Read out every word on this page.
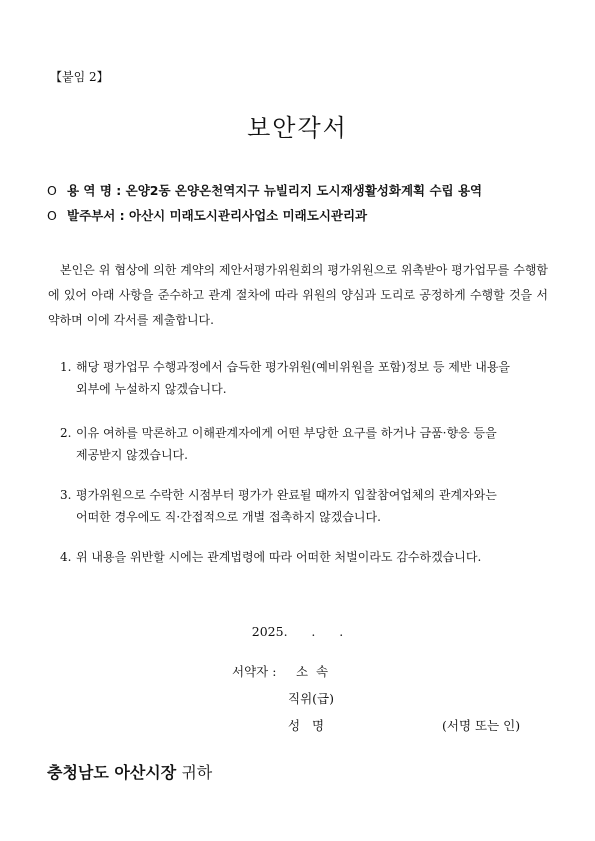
【붙임 2】
보안각서
O 용 역 명 : 온양2동 온양온천역지구 뉴빌리지 도시재생활성화계획 수립 용역
O 발주부서 : 아산시 미래도시관리사업소 미래도시관리과
본인은 위 협상에 의한 계약의 제안서평가위원회의 평가위원으로 위촉받아 평가업무를 수행함에 있어 아래 사항을 준수하고 관계 절차에 따라 위원의 양심과 도리로 공정하게 수행할 것을 서약하며 이에 각서를 제출합니다.
1. 해당 평가업무 수행과정에서 습득한 평가위원(예비위원을 포함)정보 등 제반 내용을
외부에 누설하지 않겠습니다.
2. 이유 여하를 막론하고 이해관계자에게 어떤 부당한 요구를 하거나 금품·향응 등을
제공받지 않겠습니다.
3. 평가위원으로 수락한 시점부터 평가가 완료될 때까지 입찰참여업체의 관계자와는
어떠한 경우에도 직·간접적으로 개별 접촉하지 않겠습니다.
4. 위 내용을 위반할 시에는 관계법령에 따라 어떠한 처벌이라도 감수하겠습니다.
2025.      .      .
서약자 : 소  속
직위(급)
성   명	(서명 또는 인)
충청남도 아산시장 귀하
